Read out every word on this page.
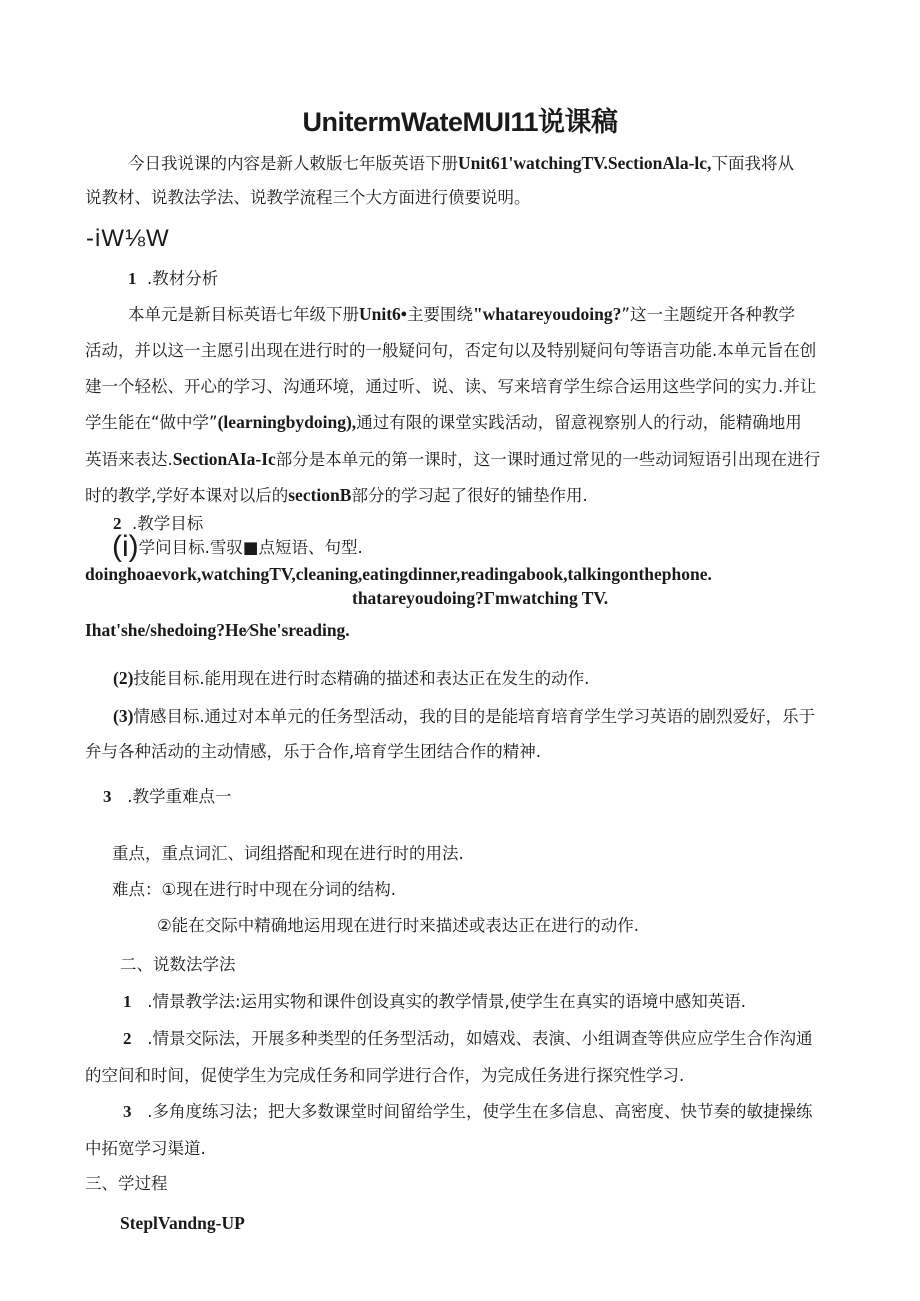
UnitermWateMUI11说课稿
今日我说课的内容是新人敕版七年版英语下册Unit61'watchingTV.SectionAla-lc,下面我将从
说教材、说教法学法、说教学流程三个大方面进行偾要说明。
-iW⅛W
1 .教材分析
本单元是新目标英语七年级下册Unit6•主要围绕"whatareyoudoing?”这一主题绽开各种教学
活动，并以这一主愿引出现在进行时的一般疑问句，否定句以及特别疑问句等语言功能.本单元旨在创
建一个轻松、开心的学习、沟通环境，通过听、说、读、写来培育学生综合运用这些学问的实力.并让
学生能在“做中学”(learningbydoing),通过有限的课堂实践活动，留意视察别人的行动，能精确地用
英语来表达.SectionAIa-Ic部分是本单元的第一课时，这一课时通过常见的一些动词短语引出现在进行
时的教学,学好本课对以后的sectionB部分的学习起了很好的铺垫作用.
2 .教学目标
(i)学问目标.雪驭■点短语、句型.
doinghoaevork,watchingTV,cleaning,eatingdinner,readingabook,talkingonthephone.
thatareyoudoing?Γmwatching TV.
Ihat'she/shedoing?He∕She'sreading.
(2)技能目标.能用现在进行时态精确的描述和表达正在发生的动作.
(3)情感目标.通过对本单元的任务型活动，我的目的是能培育培育学生学习英语的剧烈爱好，乐于
弁与各种活动的主动情感，乐于合作,培育学生团结合作的精神.
3 .教学重难点一
重点，重点词汇、词组搭配和现在进行时的用法.
难点：①现在进行时中现在分词的结构.
②能在交际中精确地运用现在进行时来描述或表达正在进行的动作.
二、说数法学法
1 .情景教学法:运用实物和课件创设真实的教学情景,使学生在真实的语境中感知英语.
2 .情景交际法，开展多种类型的任务型活动，如嬉戏、表演、小组调查等供应应学生合作沟通
的空间和时间，促使学生为完成任务和同学进行合作，为完成任务进行探究性学习.
3 .多角度练习法；把大多数课堂时间留给学生，使学生在多信息、高密度、快节奏的敏捷操练
中拓宽学习渠道.
三、学过程
SteplVandng-UP
